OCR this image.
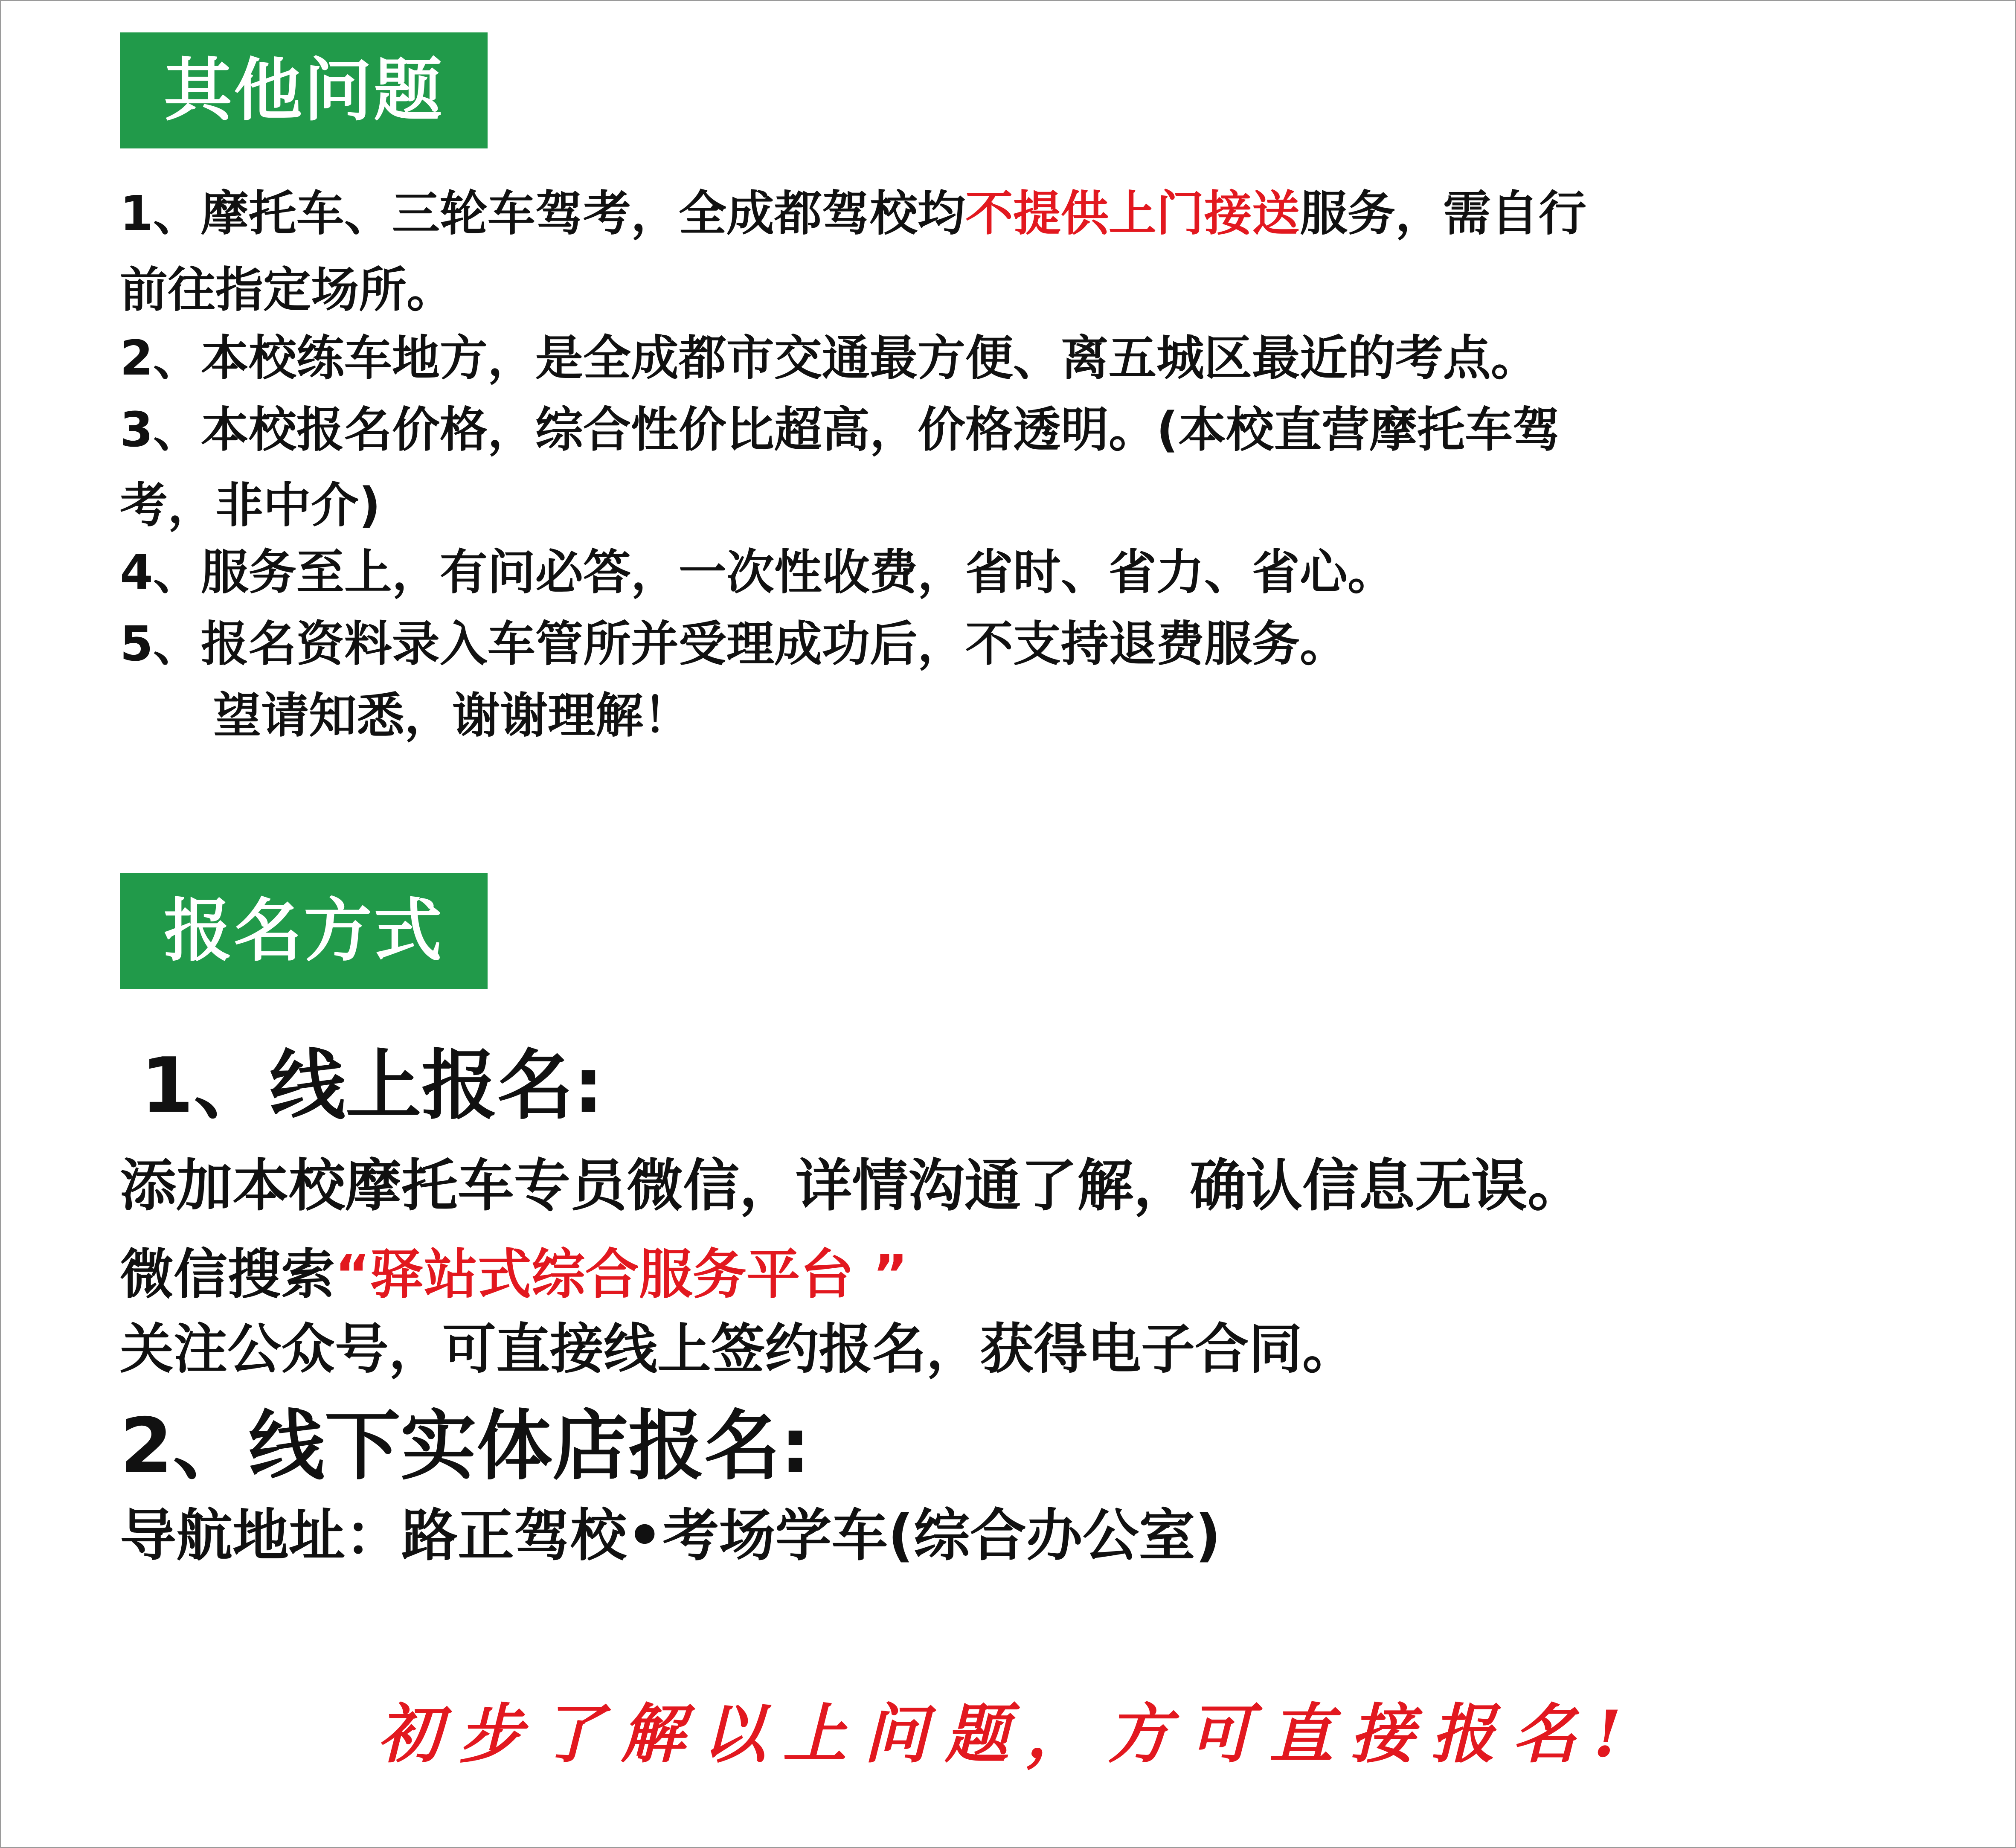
其他问题
1、摩托车、三轮车驾考，全成都驾校均不提供上门接送服务，需自行
前往指定场所。
2、本校练车地方，是全成都市交通最方便、离五城区最近的考点。
3、本校报名价格，综合性价比超高，价格透明。(本校直营摩托车驾
考，非中介)
4、服务至上，有问必答，一次性收费，省时、省力、省心。
5、报名资料录入车管所并受理成功后，不支持退费服务。
望请知悉，谢谢理解！
报名方式
1、线上报名:
添加本校摩托车专员微信，详情沟通了解，确认信息无误。
微信搜索“驿站式综合服务平台 ”
关注公众号，可直接线上签约报名，获得电子合同。
2、线下实体店报名:
导航地址：路正驾校•考场学车(综合办公室)
初步了解以上问题，方可直接报名!
